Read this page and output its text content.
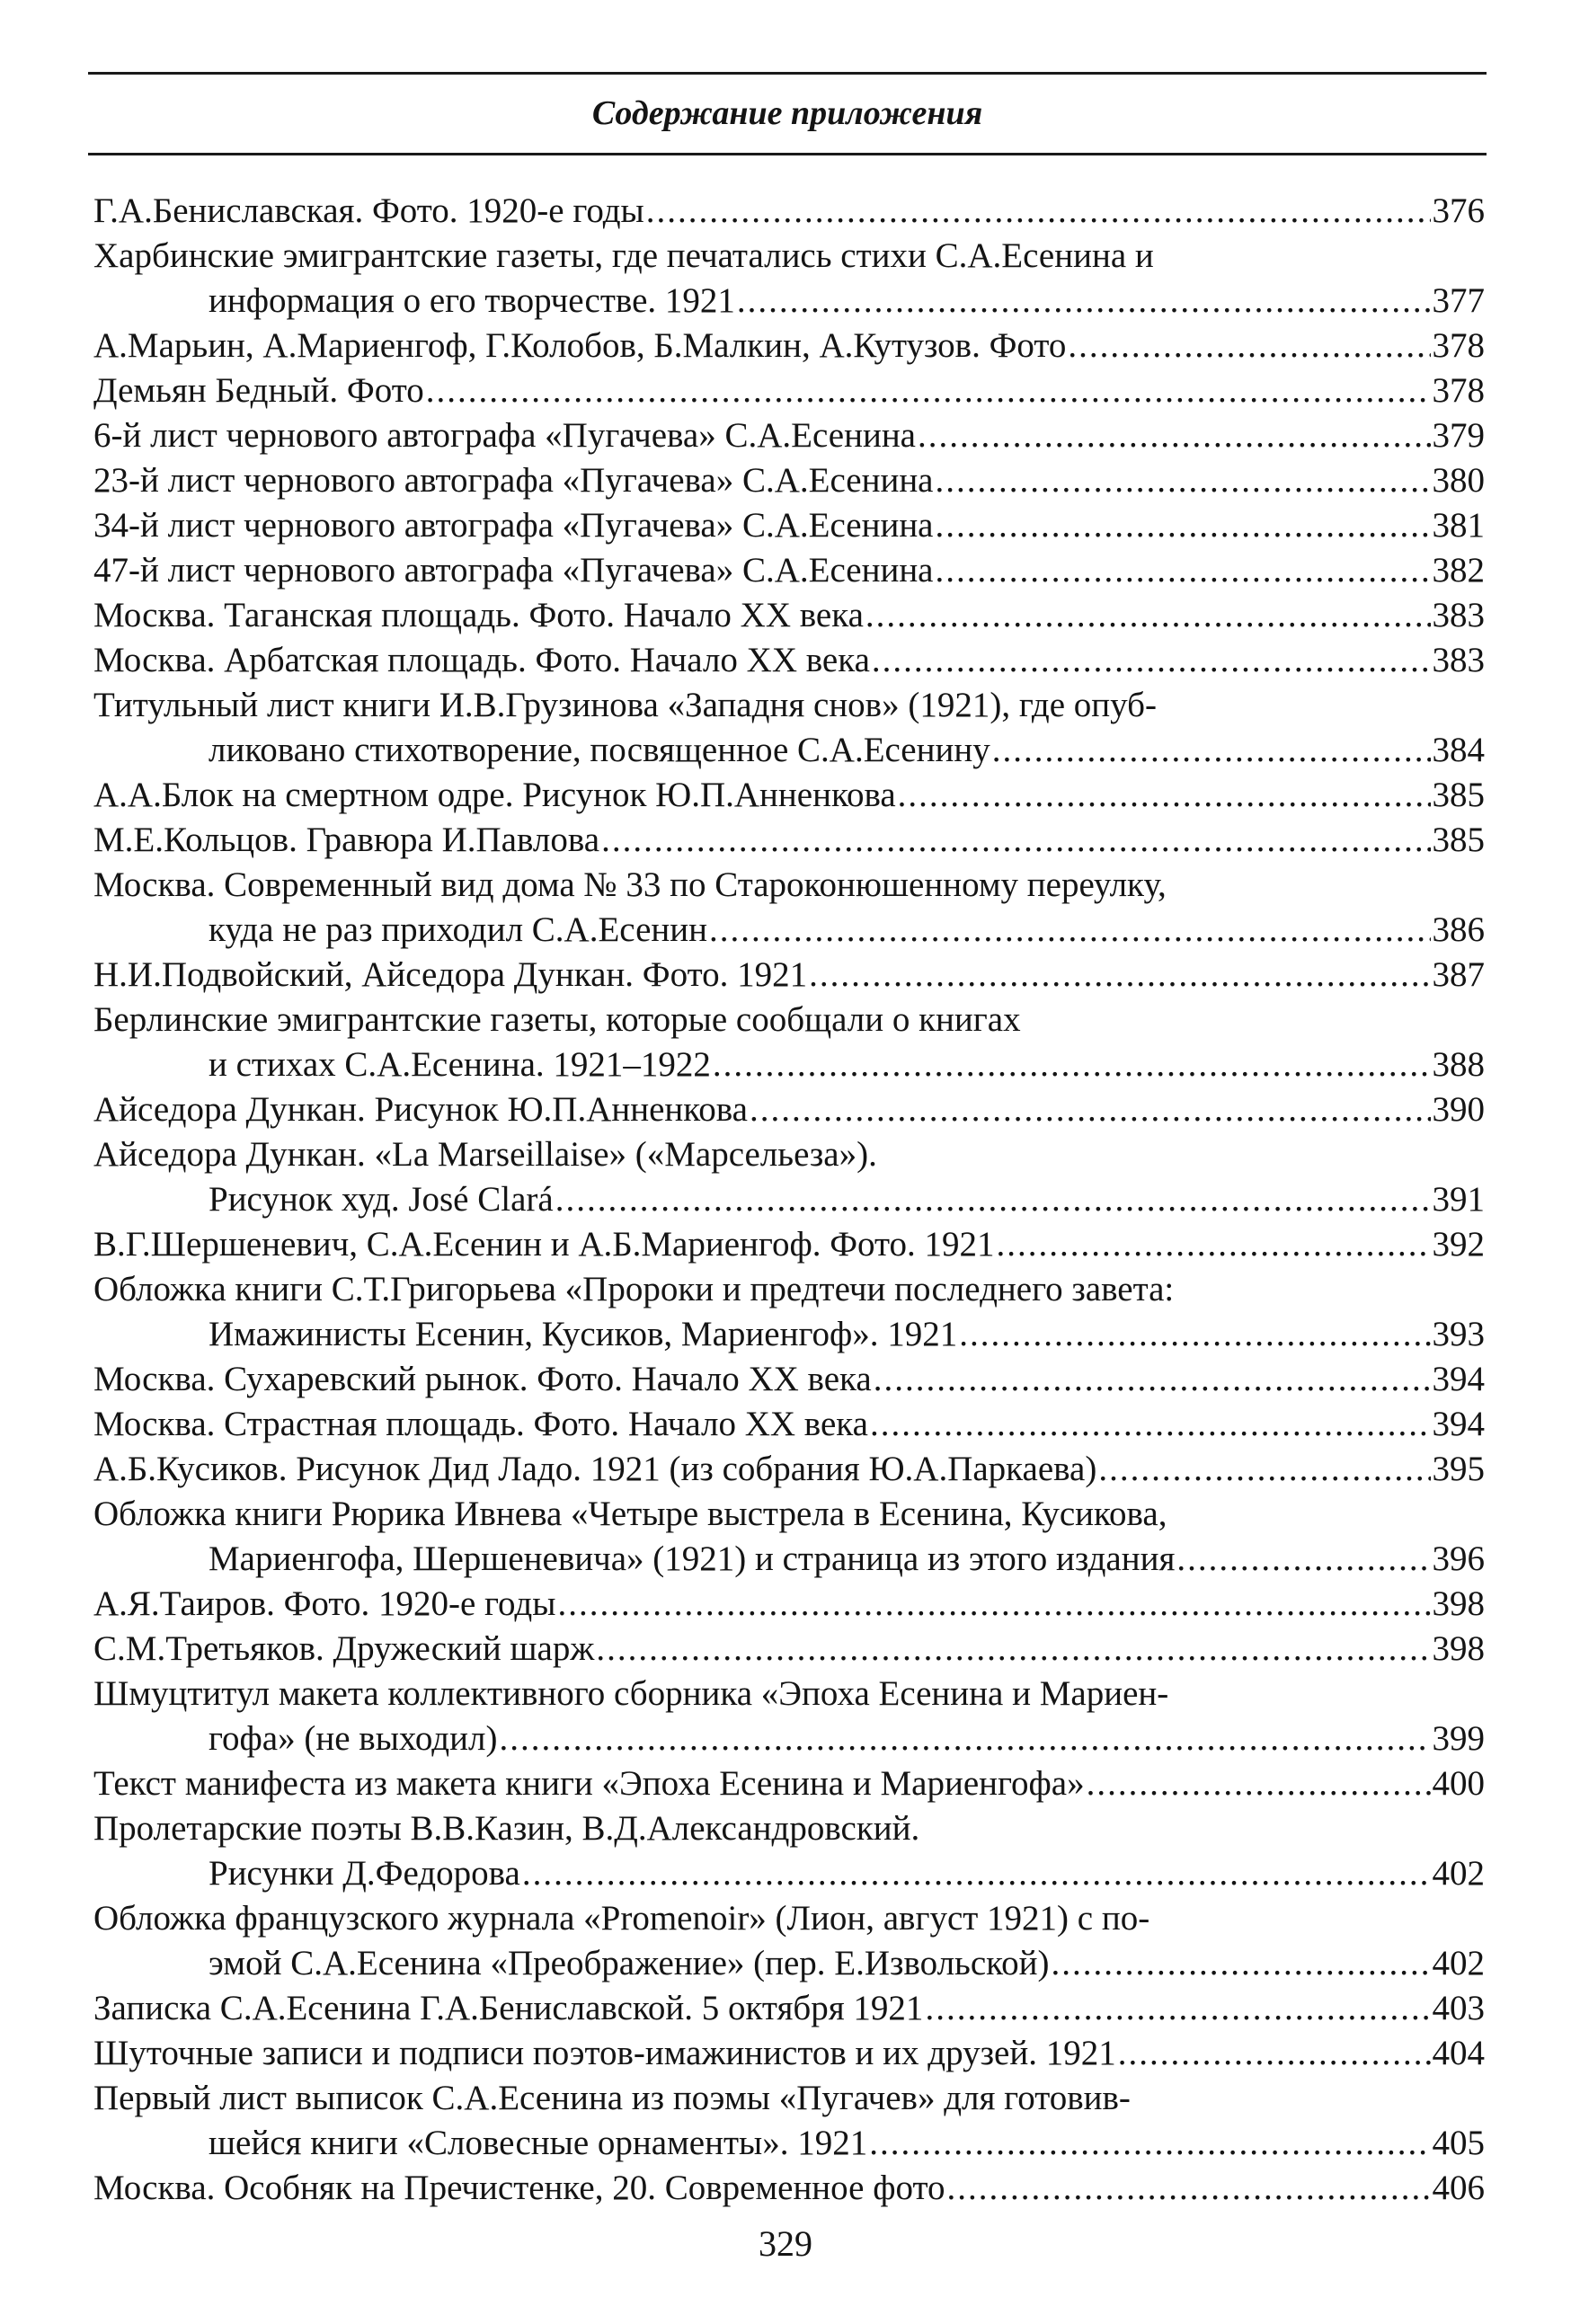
Содержание приложения
Г.А.Бениславская. Фото. 1920-е годы .....	376
Харбинские эмигрантские газеты, где печатались стихи С.А.Есенина и
информация о его творчестве. 1921 .....	377
А.Марьин, А.Мариенгоф, Г.Колобов, Б.Малкин, А.Кутузов. Фото .....	378
Демьян Бедный. Фото .....	378
6-й лист чернового автографа «Пугачева» С.А.Есенина .....	379
23-й лист чернового автографа «Пугачева» С.А.Есенина .....	380
34-й лист чернового автографа «Пугачева» С.А.Есенина .....	381
47-й лист чернового автографа «Пугачева» С.А.Есенина .....	382
Москва. Таганская площадь. Фото. Начало XX века .....	383
Москва. Арбатская площадь. Фото. Начало XX века .....	383
Титульный лист книги И.В.Грузинова «Западня снов» (1921), где опуб-
ликовано стихотворение, посвященное С.А.Есенину .....	384
А.А.Блок на смертном одре. Рисунок Ю.П.Анненкова .....	385
М.Е.Кольцов. Гравюра И.Павлова .....	385
Москва. Современный вид дома № 33 по Староконюшенному переулку,
куда не раз приходил С.А.Есенин .....	386
Н.И.Подвойский, Айседора Дункан. Фото. 1921 .....	387
Берлинские эмигрантские газеты, которые сообщали о книгах
и стихах С.А.Есенина. 1921–1922 .....	388
Айседора Дункан. Рисунок Ю.П.Анненкова .....	390
Айседора Дункан. «La Marseillaise» («Марсельеза»).
Рисунок худ. José Clará .....	391
В.Г.Шершеневич, С.А.Есенин и А.Б.Мариенгоф. Фото. 1921 .....	392
Обложка книги С.Т.Григорьева «Пророки и предтечи последнего завета:
Имажинисты Есенин, Кусиков, Мариенгоф». 1921 .....	393
Москва. Сухаревский рынок. Фото. Начало XX века .....	394
Москва. Страстная площадь. Фото. Начало XX века .....	394
А.Б.Кусиков. Рисунок Дид Ладо. 1921 (из собрания Ю.А.Паркаева) .....	395
Обложка книги Рюрика Ивнева «Четыре выстрела в Есенина, Кусикова,
Мариенгофа, Шершеневича» (1921) и страница из этого издания .....	396
А.Я.Таиров. Фото. 1920-е годы .....	398
С.М.Третьяков. Дружеский шарж .....	398
Шмуцтитул макета коллективного сборника «Эпоха Есенина и Мариен-
гофа» (не выходил) .....	399
Текст манифеста из макета книги «Эпоха Есенина и Мариенгофа» .....	400
Пролетарские поэты В.В.Казин, В.Д.Александровский.
Рисунки Д.Федорова .....	402
Обложка французского журнала «Promenoir» (Лион, август 1921) с по-
эмой С.А.Есенина «Преображение» (пер. Е.Извольской) .....	402
Записка С.А.Есенина Г.А.Бениславской. 5 октября 1921 .....	403
Шуточные записи и подписи поэтов-имажинистов и их друзей. 1921 .....	404
Первый лист выписок С.А.Есенина из поэмы «Пугачев» для готовив-
шейся книги «Словесные орнаменты». 1921 .....	405
Москва. Особняк на Пречистенке, 20. Современное фото .....	406
329
